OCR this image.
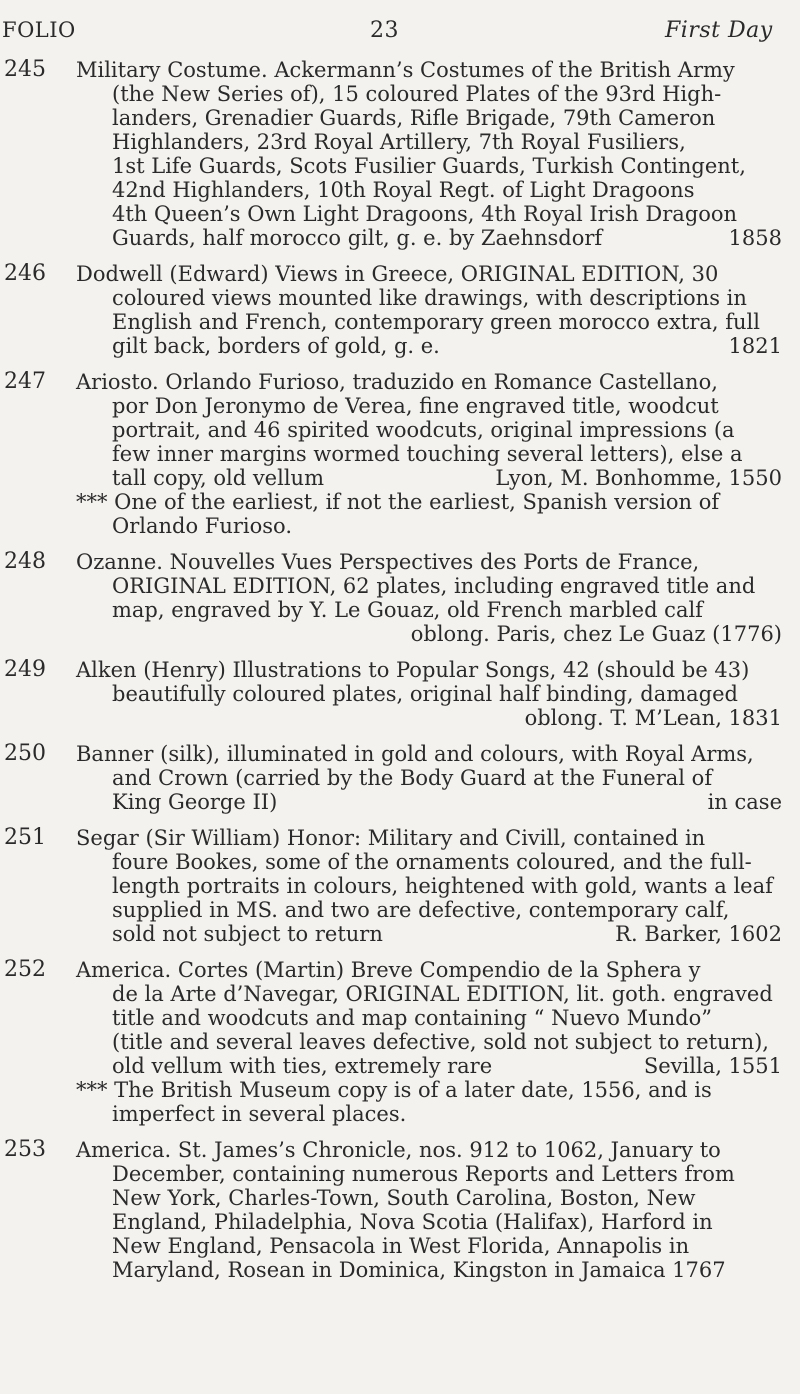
FOLIO	23	First Day
245 Military Costume. Ackermann’s Costumes of the British Army
(the New Series of), 15 coloured Plates of the 93rd High-
landers, Grenadier Guards, Rifle Brigade, 79th Cameron
Highlanders, 23rd Royal Artillery, 7th Royal Fusiliers,
1st Life Guards, Scots Fusilier Guards, Turkish Contingent,
42nd Highlanders, 10th Royal Regt. of Light Dragoons
4th Queen’s Own Light Dragoons, 4th Royal Irish Dragoon
Guards, half morocco gilt, g. e. by Zaehnsdorf	1858
246 Dodwell (Edward) Views in Greece, ORIGINAL EDITION, 30
coloured views mounted like drawings, with descriptions in
English and French, contemporary green morocco extra, full
gilt back, borders of gold, g. e.	1821
247 Ariosto. Orlando Furioso, traduzido en Romance Castellano,
por Don Jeronymo de Verea, fine engraved title, woodcut
portrait, and 46 spirited woodcuts, original impressions (a
few inner margins wormed touching several letters), else a
tall copy, old vellum	Lyon, M. Bonhomme, 1550
*** One of the earliest, if not the earliest, Spanish version of
Orlando Furioso.
248 Ozanne. Nouvelles Vues Perspectives des Ports de France,
ORIGINAL EDITION, 62 plates, including engraved title and
map, engraved by Y. Le Gouaz, old French marbled calf
oblong. Paris, chez Le Guaz (1776)
249 Alken (Henry) Illustrations to Popular Songs, 42 (should be 43)
beautifully coloured plates, original half binding, damaged
oblong. T. M’Lean, 1831
250 Banner (silk), illuminated in gold and colours, with Royal Arms,
and Crown (carried by the Body Guard at the Funeral of
King George II)	in case
251 Segar (Sir William) Honor: Military and Civill, contained in
foure Bookes, some of the ornaments coloured, and the full-
length portraits in colours, heightened with gold, wants a leaf
supplied in MS. and two are defective, contemporary calf,
sold not subject to return	R. Barker, 1602
252 America. Cortes (Martin) Breve Compendio de la Sphera y
de la Arte d’Navegar, ORIGINAL EDITION, lit. goth. engraved
title and woodcuts and map containing “ Nuevo Mundo”
(title and several leaves defective, sold not subject to return),
old vellum with ties, extremely rare	Sevilla, 1551
*** The British Museum copy is of a later date, 1556, and is
imperfect in several places.
253 America. St. James’s Chronicle, nos. 912 to 1062, January to
December, containing numerous Reports and Letters from
New York, Charles-Town, South Carolina, Boston, New
England, Philadelphia, Nova Scotia (Halifax), Harford in
New England, Pensacola in West Florida, Annapolis in
Maryland, Rosean in Dominica, Kingston in Jamaica 1767
